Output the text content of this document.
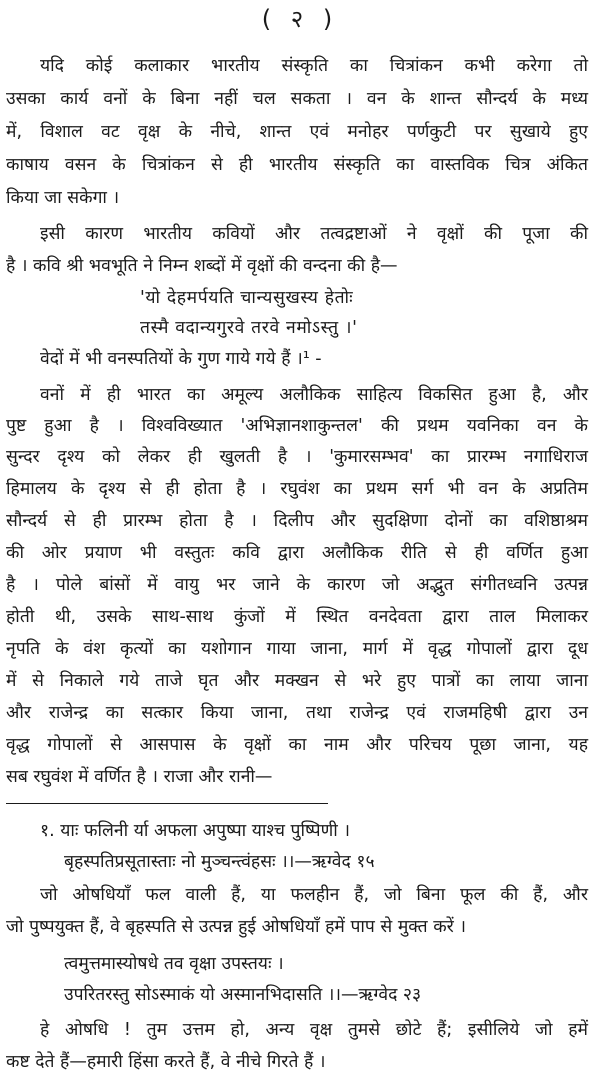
( २ )
यदि कोई कलाकार भारतीय संस्कृति का चित्रांकन कभी करेगा तो
उसका कार्य वनों के बिना नहीं चल सकता । वन के शान्त सौन्दर्य के मध्य
में, विशाल वट वृक्ष के नीचे, शान्त एवं मनोहर पर्णकुटी पर सुखाये हुए
काषाय वसन के चित्रांकन से ही भारतीय संस्कृति का वास्तविक चित्र अंकित
किया जा सकेगा ।
इसी कारण भारतीय कवियों और तत्वद्रष्टाओं ने वृक्षों की पूजा की
है । कवि श्री भवभूति ने निम्न शब्दों में वृक्षों की वन्दना की है—
'यो देहमर्पयति चान्यसुखस्य हेतोः
तस्मै वदान्यगुरवे तरवे नमोऽस्तु ।'
वेदों में भी वनस्पतियों के गुण गाये गये हैं ।¹ -
वनों में ही भारत का अमूल्य अलौकिक साहित्य विकसित हुआ है, और
पुष्ट हुआ है । विश्वविख्यात 'अभिज्ञानशाकुन्तल' की प्रथम यवनिका वन के
सुन्दर दृश्य को लेकर ही खुलती है । 'कुमारसम्भव' का प्रारम्भ नगाधिराज
हिमालय के दृश्य से ही होता है । रघुवंश का प्रथम सर्ग भी वन के अप्रतिम
सौन्दर्य से ही प्रारम्भ होता है । दिलीप और सुदक्षिणा दोनों का वशिष्ठाश्रम
की ओर प्रयाण भी वस्तुतः कवि द्वारा अलौकिक रीति से ही वर्णित हुआ
है । पोले बांसों में वायु भर जाने के कारण जो अद्भुत संगीतध्वनि उत्पन्न
होती थी, उसके साथ-साथ कुंजों में स्थित वनदेवता द्वारा ताल मिलाकर
नृपति के वंश कृत्यों का यशोगान गाया जाना, मार्ग में वृद्ध गोपालों द्वारा दूध
में से निकाले गये ताजे घृत और मक्खन से भरे हुए पात्रों का लाया जाना
और राजेन्द्र का सत्कार किया जाना, तथा राजेन्द्र एवं राजमहिषी द्वारा उन
वृद्ध गोपालों से आसपास के वृक्षों का नाम और परिचय पूछा जाना, यह
सब रघुवंश में वर्णित है । राजा और रानी—
१. याः फलिनी र्या अफला अपुष्पा याश्च पुष्पिणी ।
बृहस्पतिप्रसूतास्ताः नो मुञ्चन्त्वंहसः ।।—ऋग्वेद १५
जो ओषधियाँ फल वाली हैं, या फलहीन हैं, जो बिना फूल की हैं, और
जो पुष्पयुक्त हैं, वे बृहस्पति से उत्पन्न हुई ओषधियाँ हमें पाप से मुक्त करें ।
त्वमुत्तमास्योषधे तव वृक्षा उपस्तयः ।
उपरितरस्तु सोऽस्माकं यो अस्मानभिदासति ।।—ऋग्वेद २३
हे ओषधि ! तुम उत्तम हो, अन्य वृक्ष तुमसे छोटे हैं; इसीलिये जो हमें
कष्ट देते हैं—हमारी हिंसा करते हैं, वे नीचे गिरते हैं ।
